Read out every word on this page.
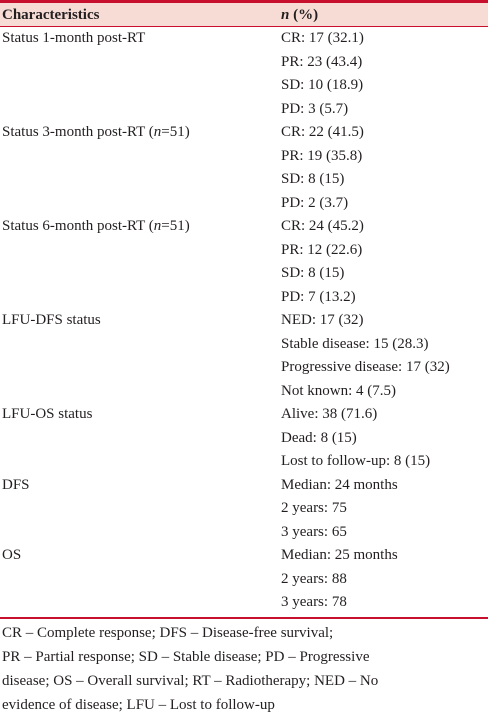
Characteristics	n (%)
Status 1-month post-RT	CR: 17 (32.1)
PR: 23 (43.4)
SD: 10 (18.9)
PD: 3 (5.7)
Status 3-month post-RT (n=51)	CR: 22 (41.5)
PR: 19 (35.8)
SD: 8 (15)
PD: 2 (3.7)
Status 6-month post-RT (n=51)	CR: 24 (45.2)
PR: 12 (22.6)
SD: 8 (15)
PD: 7 (13.2)
LFU-DFS status	NED: 17 (32)
Stable disease: 15 (28.3)
Progressive disease: 17 (32)
Not known: 4 (7.5)
LFU-OS status	Alive: 38 (71.6)
Dead: 8 (15)
Lost to follow-up: 8 (15)
DFS	Median: 24 months
2 years: 75
3 years: 65
OS	Median: 25 months
2 years: 88
3 years: 78
CR – Complete response; DFS – Disease-free survival;
PR – Partial response; SD – Stable disease; PD – Progressive
disease; OS – Overall survival; RT – Radiotherapy; NED – No
evidence of disease; LFU – Lost to follow-up
